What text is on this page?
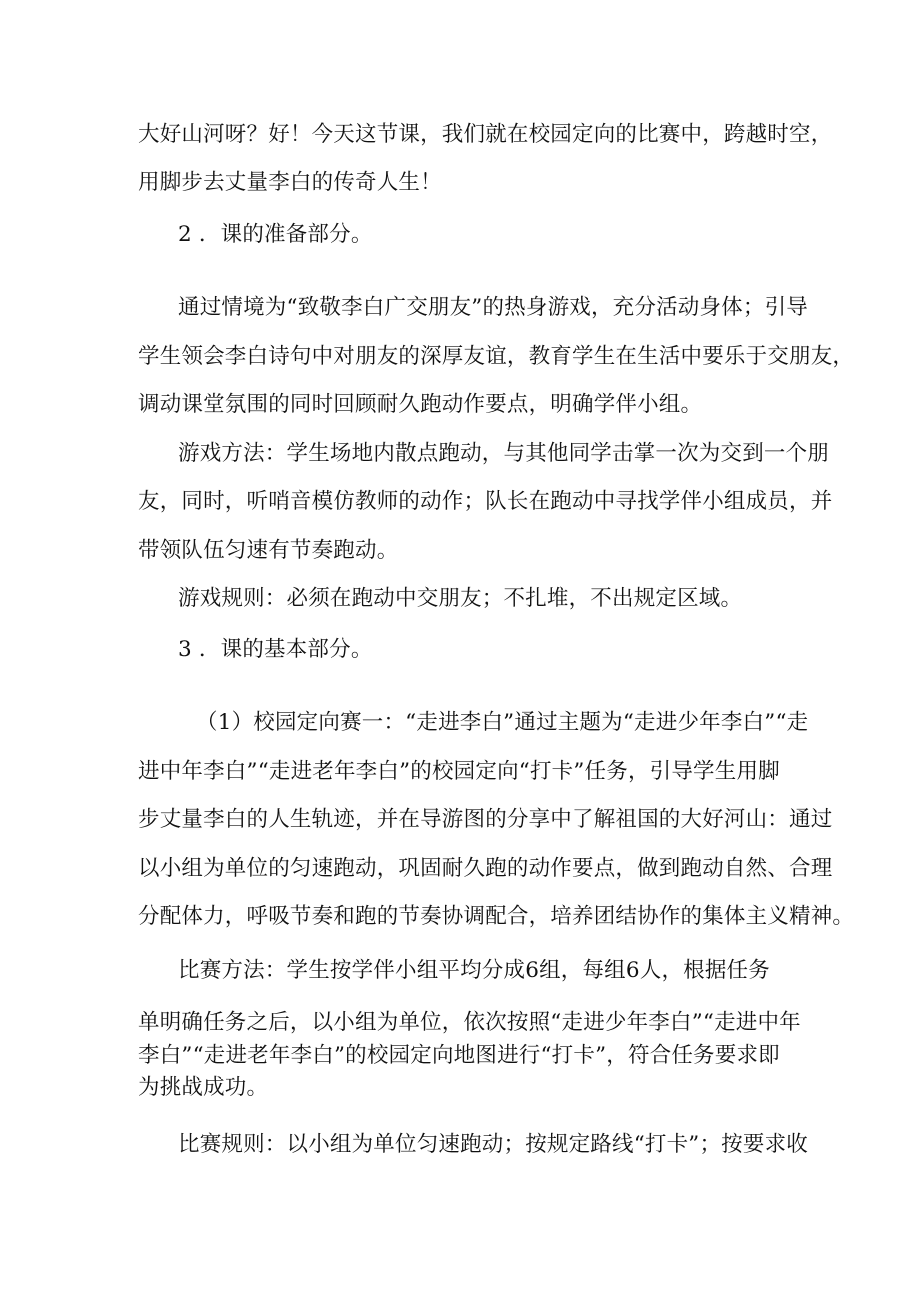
大好山河呀？好！今天这节课，我们就在校园定向的比赛中，跨越时空，
用脚步去丈量李白的传奇人生！
2 ．课的准备部分。
通过情境为“致敬李白广交朋友”的热身游戏，充分活动身体；引导
学生领会李白诗句中对朋友的深厚友谊，教育学生在生活中要乐于交朋友，
调动课堂氛围的同时回顾耐久跑动作要点，明确学伴小组。
游戏方法：学生场地内散点跑动，与其他同学击掌一次为交到一个朋
友，同时，听哨音模仿教师的动作；队长在跑动中寻找学伴小组成员，并
带领队伍匀速有节奏跑动。
游戏规则：必须在跑动中交朋友；不扎堆，不出规定区域。
3 ．课的基本部分。
（1）校园定向赛一：“走进李白”通过主题为“走进少年李白”“走
进中年李白”“走进老年李白”的校园定向“打卡”任务，引导学生用脚
步丈量李白的人生轨迹，并在导游图的分享中了解祖国的大好河山：通过
以小组为单位的匀速跑动，巩固耐久跑的动作要点，做到跑动自然、合理
分配体力，呼吸节奏和跑的节奏协调配合，培养团结协作的集体主义精神。
比赛方法：学生按学伴小组平均分成6组，每组6人，根据任务
单明确任务之后，以小组为单位，依次按照“走进少年李白”“走进中年
李白”“走进老年李白”的校园定向地图进行“打卡”，符合任务要求即
为挑战成功。
比赛规则：以小组为单位匀速跑动；按规定路线“打卡”；按要求收
